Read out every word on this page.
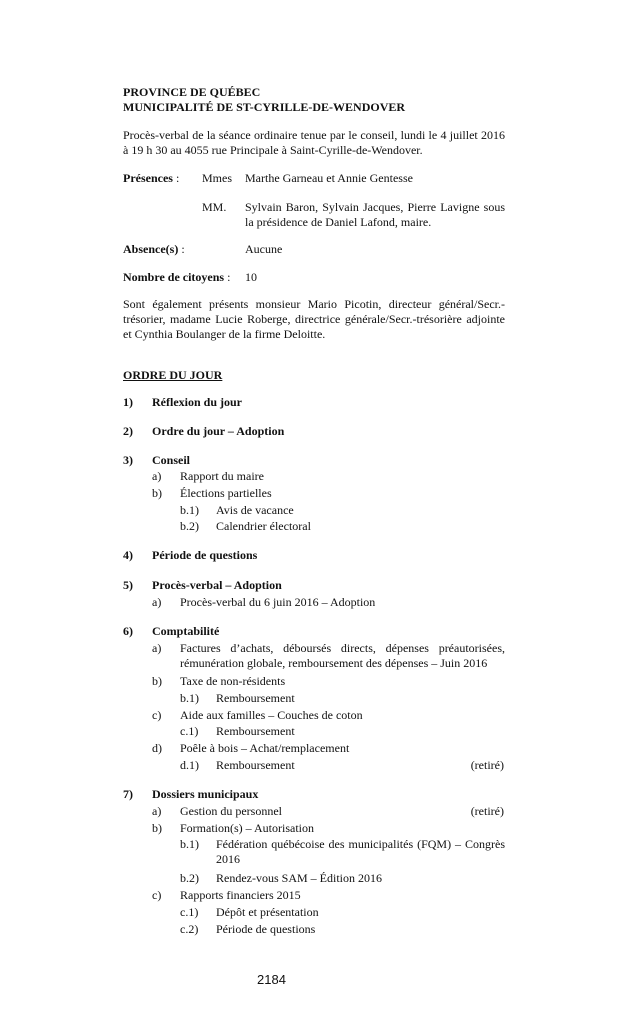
PROVINCE DE QUÉBEC
MUNICIPALITÉ DE ST-CYRILLE-DE-WENDOVER
Procès-verbal de la séance ordinaire tenue par le conseil, lundi le 4 juillet 2016 à 19 h 30 au 4055 rue Principale à Saint-Cyrille-de-Wendover.
Présences : Mmes Marthe Garneau et Annie Gentesse
MM. Sylvain Baron, Sylvain Jacques, Pierre Lavigne sous la présidence de Daniel Lafond, maire.
Absence(s) :	Aucune
Nombre de citoyens : 10
Sont également présents monsieur Mario Picotin, directeur général/Secr.-trésorier, madame Lucie Roberge, directrice générale/Secr.-trésorière adjointe et Cynthia Boulanger de la firme Deloitte.
ORDRE DU JOUR
1) Réflexion du jour
2) Ordre du jour – Adoption
3) Conseil
a) Rapport du maire
b) Élections partielles
b.1) Avis de vacance
b.2) Calendrier électoral
4) Période de questions
5) Procès-verbal – Adoption
a) Procès-verbal du 6 juin 2016 – Adoption
6) Comptabilité
a) Factures d’achats, déboursés directs, dépenses préautorisées, rémunération globale, remboursement des dépenses – Juin 2016
b) Taxe de non-résidents
b.1) Remboursement
c) Aide aux familles – Couches de coton
c.1) Remboursement
d) Poêle à bois – Achat/remplacement
d.1) Remboursement	(retiré)
7) Dossiers municipaux
a) Gestion du personnel	(retiré)
b) Formation(s) – Autorisation
b.1) Fédération québécoise des municipalités (FQM) – Congrès 2016
b.2) Rendez-vous SAM – Édition 2016
c) Rapports financiers 2015
c.1) Dépôt et présentation
c.2) Période de questions
2184
